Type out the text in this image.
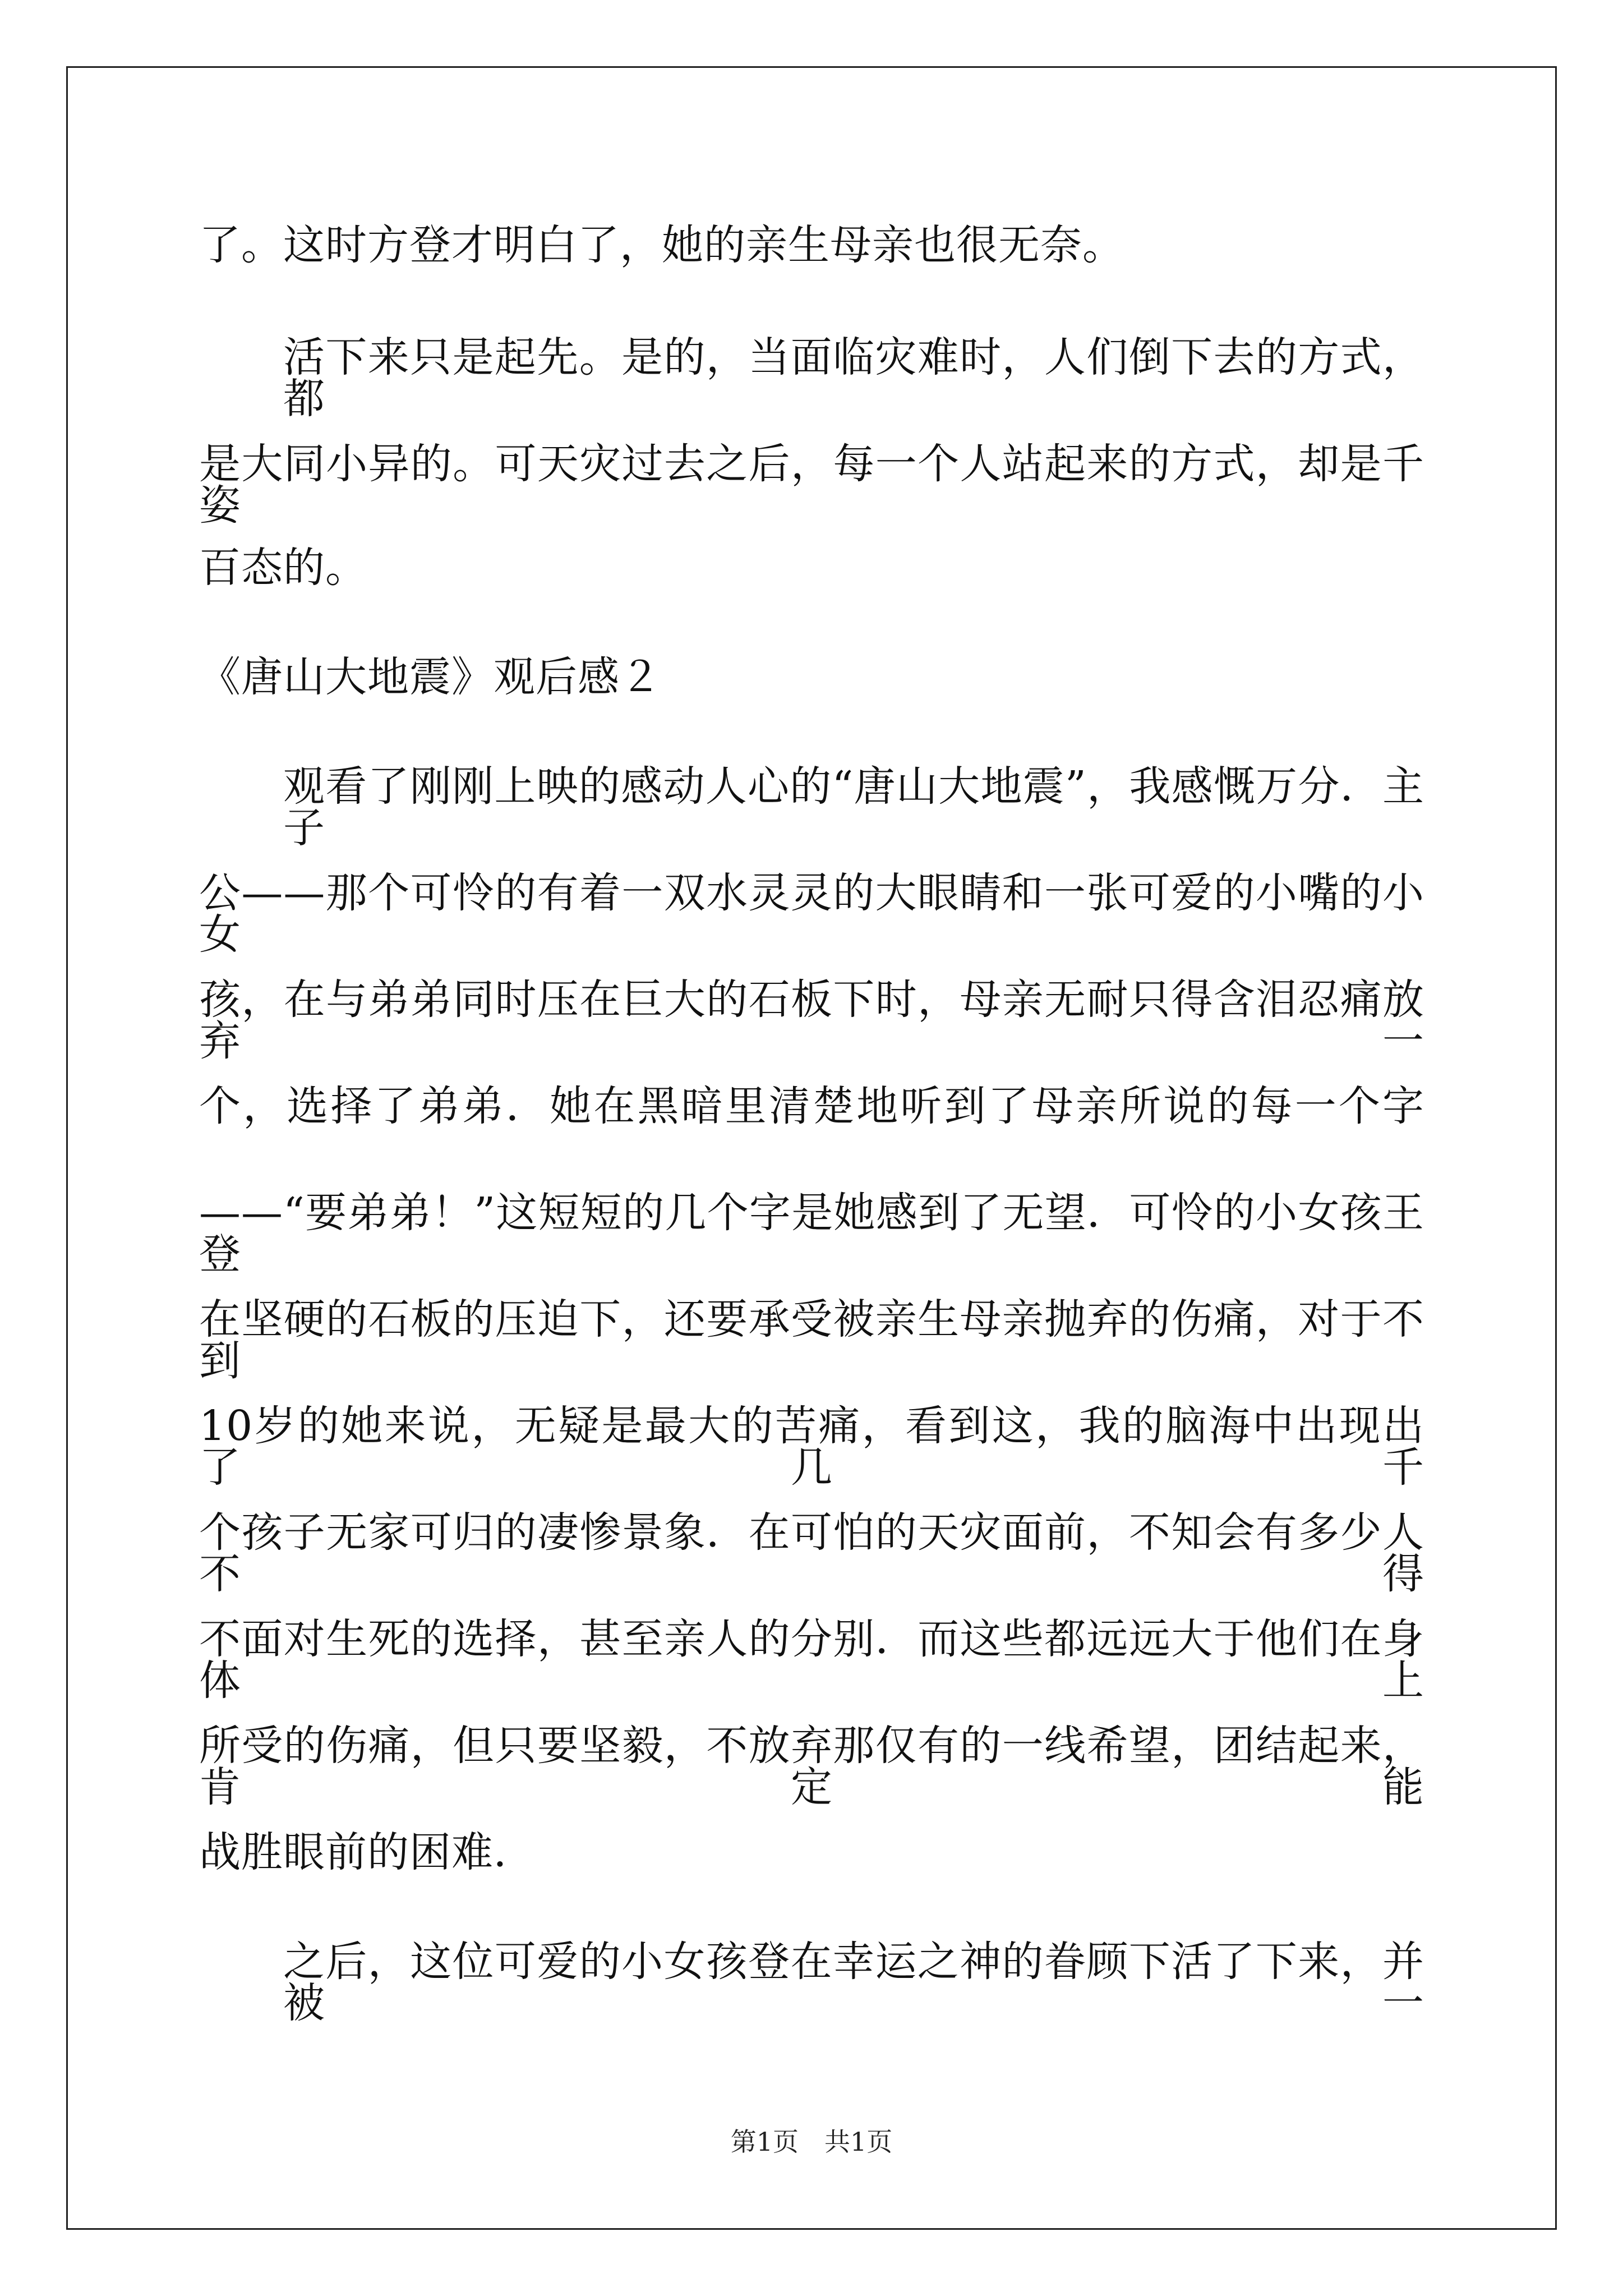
了。这时方登才明白了，她的亲生母亲也很无奈。
活下来只是起先。是的，当面临灾难时，人们倒下去的方式，都
是大同小异的。可天灾过去之后，每一个人站起来的方式，却是千姿
百态的。
《唐山大地震》观后感２
观看了刚刚上映的感动人心的“唐山大地震”，我感慨万分．主子
公——那个可怜的有着一双水灵灵的大眼睛和一张可爱的小嘴的小女
孩，在与弟弟同时压在巨大的石板下时，母亲无耐只得含泪忍痛放弃一
个，选择了弟弟．她在黑暗里清楚地听到了母亲所说的每一个字
——“要弟弟！”这短短的几个字是她感到了无望．可怜的小女孩王登
在坚硬的石板的压迫下，还要承受被亲生母亲抛弃的伤痛，对于不到
10岁的她来说，无疑是最大的苦痛，看到这，我的脑海中出现出了几千
个孩子无家可归的凄惨景象．在可怕的天灾面前，不知会有多少人不得
不面对生死的选择，甚至亲人的分别．而这些都远远大于他们在身体上
所受的伤痛，但只要坚毅，不放弃那仅有的一线希望，团结起来，肯定能
战胜眼前的困难．
之后，这位可爱的小女孩登在幸运之神的眷顾下活了下来，并被一
第1页　共1页
